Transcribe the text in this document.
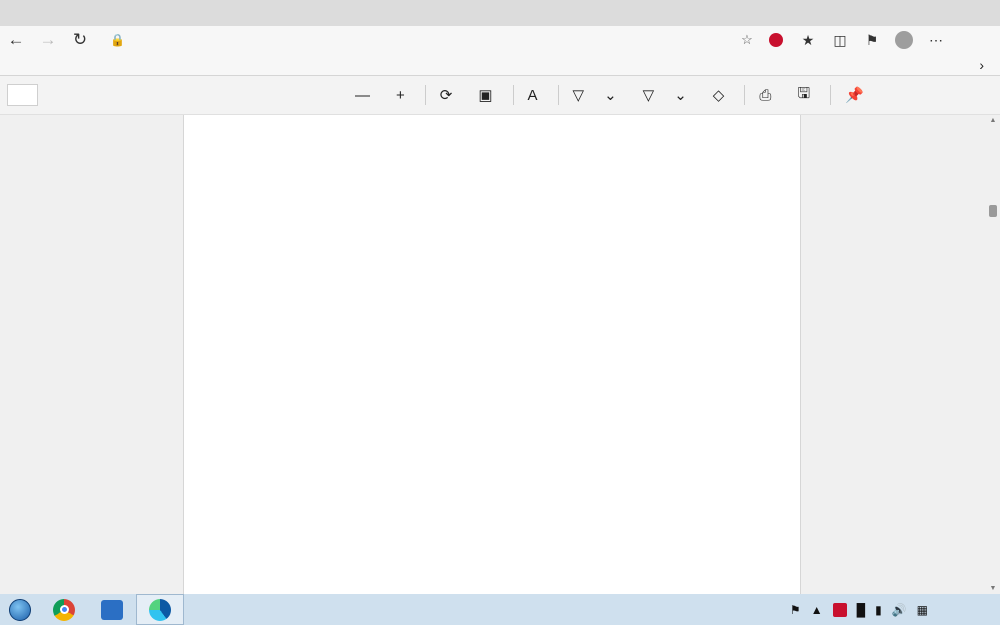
← → ↻	🔒	☆	★	◫	⚑	⋯
›
— + ⟳ ▣ A ▽ ⌄ ▽ ⌄ ◇ ⎙ 🖫 📌
▲
▼
⚑ ▲	█ ▮ 🔊 ▦
